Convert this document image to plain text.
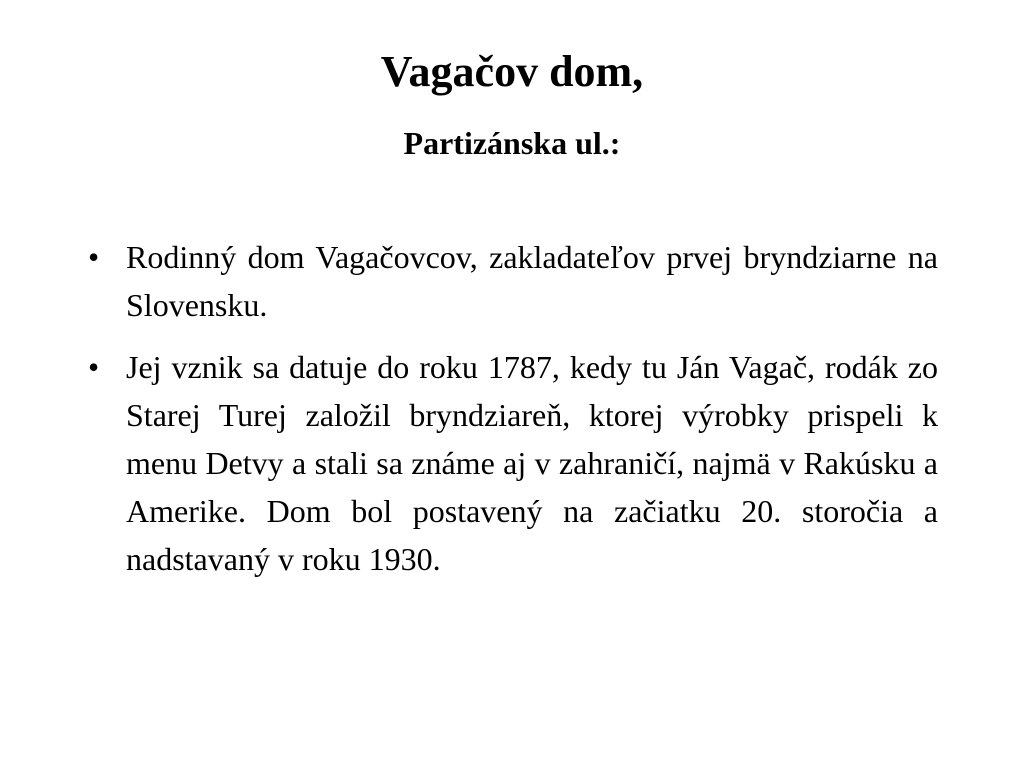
Vagačov dom,
Partizánska ul.:
• Rodinný dom Vagačovcov, zakladateľov prvej bryndziarne na Slovensku.
• Jej vznik sa datuje do roku 1787, kedy tu Ján Vagač, rodák zo Starej Turej založil bryndziareň, ktorej výrobky prispeli k menu Detvy a stali sa známe aj v zahraničí, najmä v Rakúsku a Amerike. Dom bol postavený na začiatku 20. storočia a nadstavaný v roku 1930.
